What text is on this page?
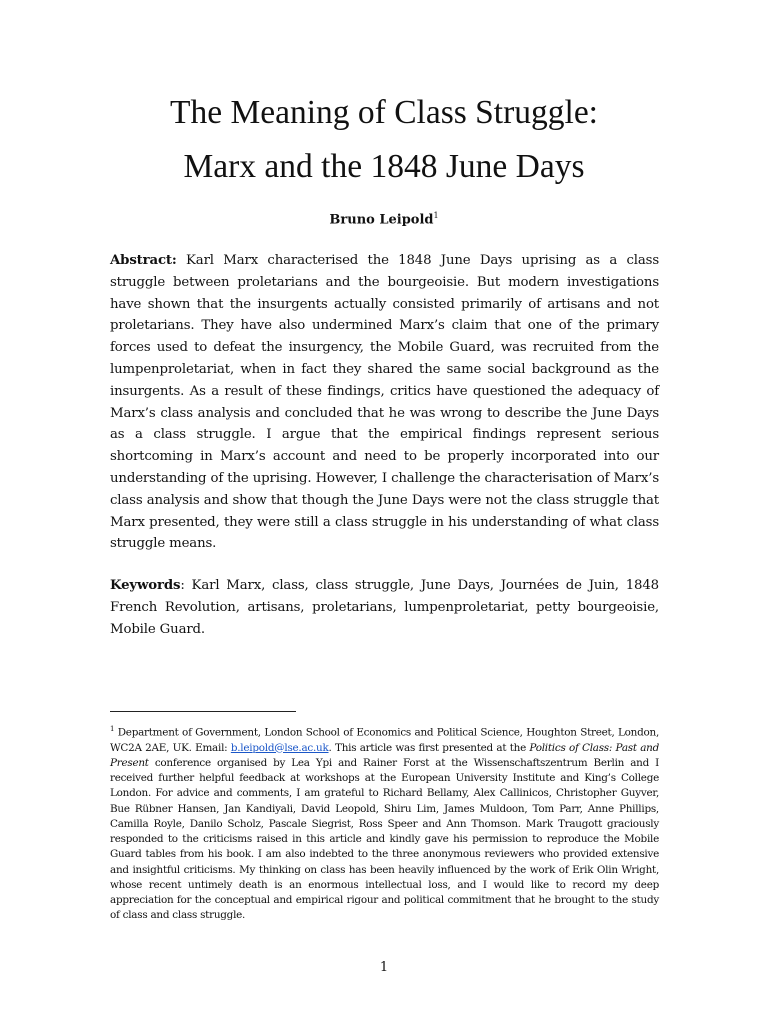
The Meaning of Class Struggle:
Marx and the 1848 June Days
Bruno Leipold$^1$

Abstract: Karl Marx characterised the 1848 June Days uprising as a class struggle between proletarians and the bourgeoisie. But modern investigations have shown that the insurgents actually consisted primarily of artisans and not proletarians. They have also undermined Marx’s claim that one of the primary forces used to defeat the insurgency, the Mobile Guard, was recruited from the lumpenproletariat, when in fact they shared the same social background as the insurgents. As a result of these findings, critics have questioned the adequacy of Marx’s class analysis and concluded that he was wrong to describe the June Days as a class struggle. I argue that the empirical findings represent serious shortcoming in Marx’s account and need to be properly incorporated into our understanding of the uprising. However, I challenge the characterisation of Marx’s class analysis and show that though the June Days were not the class struggle that Marx presented, they were still a class struggle in his understanding of what class struggle means.

Keywords: Karl Marx, class, class struggle, June Days, Journées de Juin, 1848 French Revolution, artisans, proletarians, lumpenproletariat, petty bourgeoisie, Mobile Guard.

$^1$ Department of Government, London School of Economics and Political Science, Houghton Street, London, WC2A 2AE, UK. Email: b.leipold@lse.ac.uk. This article was first presented at the Politics of Class: Past and Present conference organised by Lea Ypi and Rainer Forst at the Wissenschaftszentrum Berlin and I received further helpful feedback at workshops at the European University Institute and King’s College London. For advice and comments, I am grateful to Richard Bellamy, Alex Callinicos, Christopher Guyver, Bue Rübner Hansen, Jan Kandiyali, David Leopold, Shiru Lim, James Muldoon, Tom Parr, Anne Phillips, Camilla Royle, Danilo Scholz, Pascale Siegrist, Ross Speer and Ann Thomson. Mark Traugott graciously responded to the criticisms raised in this article and kindly gave his permission to reproduce the Mobile Guard tables from his book. I am also indebted to the three anonymous reviewers who provided extensive and insightful criticisms. My thinking on class has been heavily influenced by the work of Erik Olin Wright, whose recent untimely death is an enormous intellectual loss, and I would like to record my deep appreciation for the conceptual and empirical rigour and political commitment that he brought to the study of class and class struggle.

1
